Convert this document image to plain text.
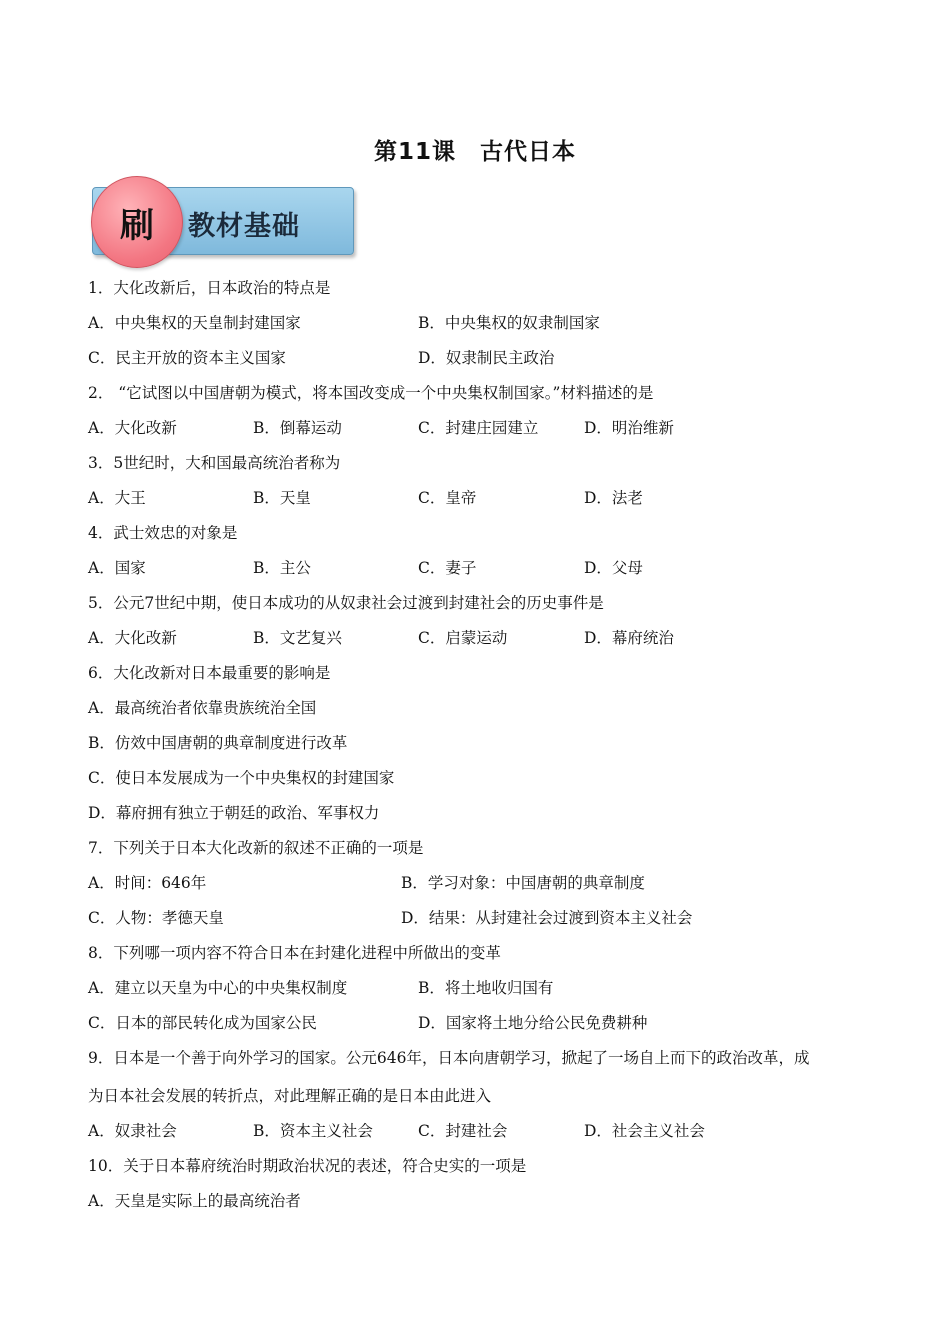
第11课　古代日本
教材基础
刷
1．大化改新后，日本政治的特点是
A．中央集权的天皇制封建国家	B．中央集权的奴隶制国家
C．民主开放的资本主义国家	D．奴隶制民主政治
2． “它试图以中国唐朝为模式，将本国改变成一个中央集权制国家。”材料描述的是
A．大化改新	B．倒幕运动	C．封建庄园建立	D．明治维新
3．5世纪时，大和国最高统治者称为
A．大王	B．天皇	C．皇帝	D．法老
4．武士效忠的对象是
A．国家	B．主公	C．妻子	D．父母
5．公元7世纪中期，使日本成功的从奴隶社会过渡到封建社会的历史事件是
A．大化改新	B．文艺复兴	C．启蒙运动	D．幕府统治
6．大化改新对日本最重要的影响是
A．最高统治者依靠贵族统治全国
B．仿效中国唐朝的典章制度进行改革
C．使日本发展成为一个中央集权的封建国家
D．幕府拥有独立于朝廷的政治、军事权力
7．下列关于日本大化改新的叙述不正确的一项是
A．时间：646年	B．学习对象：中国唐朝的典章制度
C．人物：孝德天皇	D．结果：从封建社会过渡到资本主义社会
8．下列哪一项内容不符合日本在封建化进程中所做出的变革
A．建立以天皇为中心的中央集权制度	B．将土地收归国有
C．日本的部民转化成为国家公民	D．国家将土地分给公民免费耕种
9．日本是一个善于向外学习的国家。公元646年，日本向唐朝学习，掀起了一场自上而下的政治改革，成
为日本社会发展的转折点，对此理解正确的是日本由此进入
A．奴隶社会	B．资本主义社会	C．封建社会	D．社会主义社会
10．关于日本幕府统治时期政治状况的表述，符合史实的一项是
A．天皇是实际上的最高统治者
